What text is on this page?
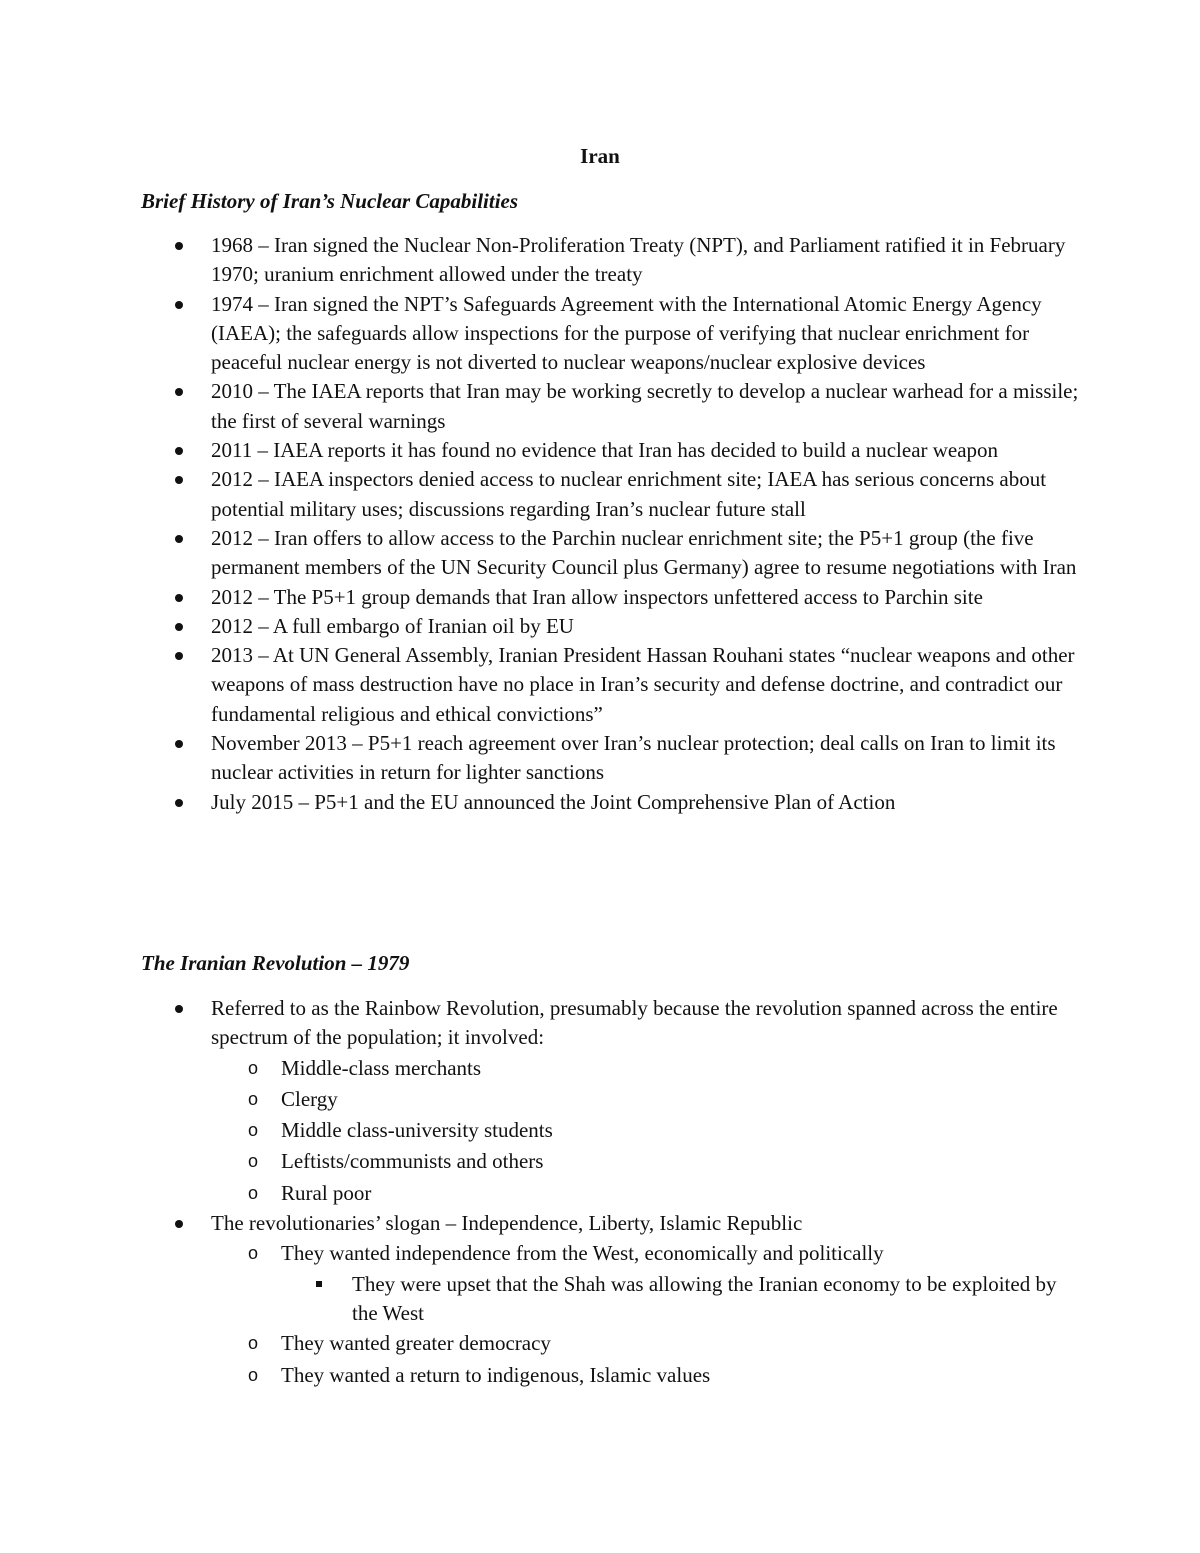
Iran
Brief History of Iran’s Nuclear Capabilities
1968 – Iran signed the Nuclear Non-Proliferation Treaty (NPT), and Parliament ratified it in February 1970; uranium enrichment allowed under the treaty
1974 – Iran signed the NPT’s Safeguards Agreement with the International Atomic Energy Agency (IAEA); the safeguards allow inspections for the purpose of verifying that nuclear enrichment for peaceful nuclear energy is not diverted to nuclear weapons/nuclear explosive devices
2010 – The IAEA reports that Iran may be working secretly to develop a nuclear warhead for a missile; the first of several warnings
2011 – IAEA reports it has found no evidence that Iran has decided to build a nuclear weapon
2012 – IAEA inspectors denied access to nuclear enrichment site; IAEA has serious concerns about potential military uses; discussions regarding Iran’s nuclear future stall
2012 – Iran offers to allow access to the Parchin nuclear enrichment site; the P5+1 group (the five permanent members of the UN Security Council plus Germany) agree to resume negotiations with Iran
2012 – The P5+1 group demands that Iran allow inspectors unfettered access to Parchin site
2012 – A full embargo of Iranian oil by EU
2013 – At UN General Assembly, Iranian President Hassan Rouhani states “nuclear weapons and other weapons of mass destruction have no place in Iran’s security and defense doctrine, and contradict our fundamental religious and ethical convictions”
November 2013 – P5+1 reach agreement over Iran’s nuclear protection; deal calls on Iran to limit its nuclear activities in return for lighter sanctions
July 2015 – P5+1 and the EU announced the Joint Comprehensive Plan of Action
The Iranian Revolution – 1979
Referred to as the Rainbow Revolution, presumably because the revolution spanned across the entire spectrum of the population; it involved:
o Middle-class merchants
o Clergy
o Middle class-university students
o Leftists/communists and others
o Rural poor
The revolutionaries’ slogan – Independence, Liberty, Islamic Republic
o They wanted independence from the West, economically and politically
They were upset that the Shah was allowing the Iranian economy to be exploited by the West
o They wanted greater democracy
o They wanted a return to indigenous, Islamic values
